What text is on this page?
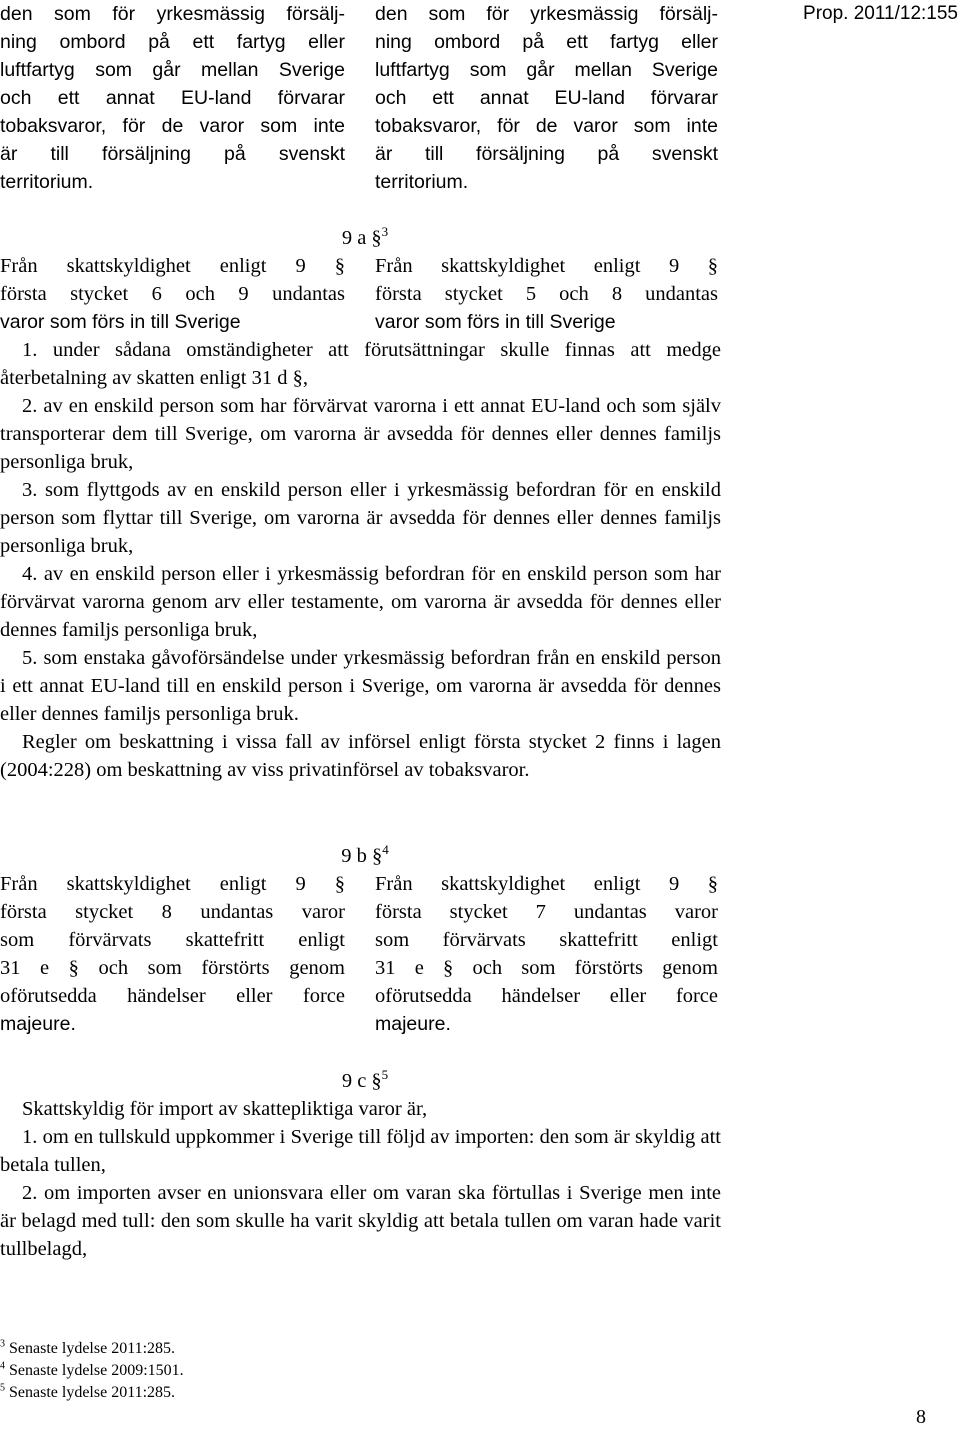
Prop. 2011/12:155
den som för yrkesmässig försälj-
ning ombord på ett fartyg eller
luftfartyg som går mellan Sverige
och ett annat EU-land förvarar
tobaksvaror, för de varor som inte
är till försäljning på svenskt
territorium.
den som för yrkesmässig försälj-
ning ombord på ett fartyg eller
luftfartyg som går mellan Sverige
och ett annat EU-land förvarar
tobaksvaror, för de varor som inte
är till försäljning på svenskt
territorium.
9 a §$^3$
Från skattskyldighet enligt 9 §
första stycket 6 och 9 undantas
varor som förs in till Sverige
Från skattskyldighet enligt 9 §
första stycket 5 och 8 undantas
varor som förs in till Sverige

1. under sådana omständigheter att förutsättningar skulle finnas att medge återbetalning av skatten enligt 31 d §,

2. av en enskild person som har förvärvat varorna i ett annat EU-land och som själv transporterar dem till Sverige, om varorna är avsedda för dennes eller dennes familjs personliga bruk,

3. som flyttgods av en enskild person eller i yrkesmässig befordran för en enskild person som flyttar till Sverige, om varorna är avsedda för dennes eller dennes familjs personliga bruk,

4. av en enskild person eller i yrkesmässig befordran för en enskild person som har förvärvat varorna genom arv eller testamente, om varorna är avsedda för dennes eller dennes familjs personliga bruk,

5. som enstaka gåvoförsändelse under yrkesmässig befordran från en enskild person i ett annat EU-land till en enskild person i Sverige, om varorna är avsedda för dennes eller dennes familjs personliga bruk.

Regler om beskattning i vissa fall av införsel enligt första stycket 2 finns i lagen (2004:228) om beskattning av viss privatinförsel av tobaksvaror.

9 b §$^4$
Från skattskyldighet enligt 9 §
första stycket 8 undantas varor
som förvärvats skattefritt enligt
31 e § och som förstörts genom
oförutsedda händelser eller force
majeure.
Från skattskyldighet enligt 9 §
första stycket 7 undantas varor
som förvärvats skattefritt enligt
31 e § och som förstörts genom
oförutsedda händelser eller force
majeure.
9 c §$^5$

Skattskyldig för import av skattepliktiga varor är,

1. om en tullskuld uppkommer i Sverige till följd av importen: den som är skyldig att betala tullen,

2. om importen avser en unionsvara eller om varan ska förtullas i Sverige men inte är belagd med tull: den som skulle ha varit skyldig att betala tullen om varan hade varit tullbelagd,

$^3$ Senaste lydelse 2011:285.
$^4$ Senaste lydelse 2009:1501.
$^5$ Senaste lydelse 2011:285.
8
